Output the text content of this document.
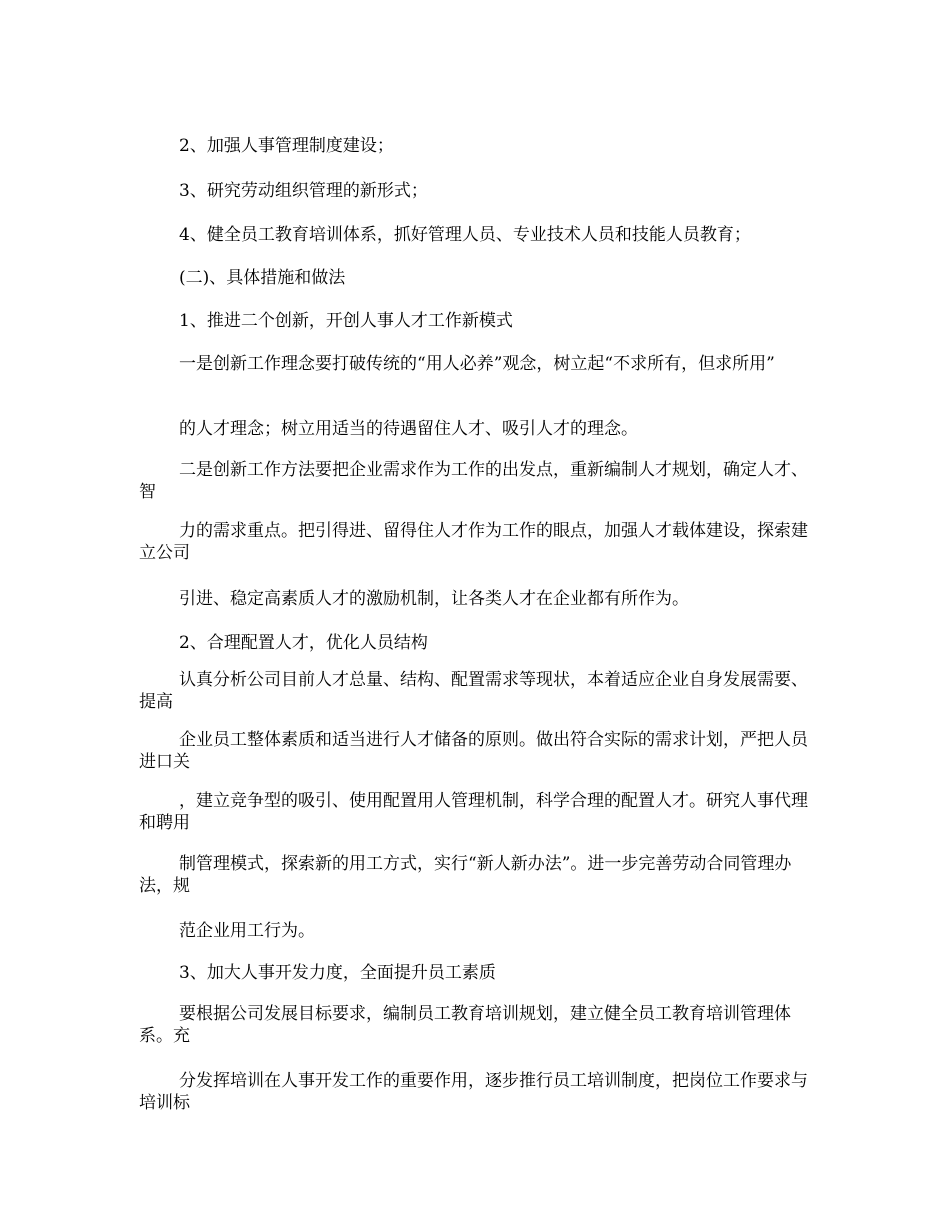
2、加强人事管理制度建设；

3、研究劳动组织管理的新形式；

4、健全员工教育培训体系，抓好管理人员、专业技术人员和技能人员教育；

(二)、具体措施和做法

1、推进二个创新，开创人事人才工作新模式

一是创新工作理念要打破传统的“用人必养”观念，树立起“不求所有，但求所用”

的人才理念；树立用适当的待遇留住人才、吸引人才的理念。

二是创新工作方法要把企业需求作为工作的出发点，重新编制人才规划，确定人才、智

力的需求重点。把引得进、留得住人才作为工作的眼点，加强人才载体建设，探索建立公司

引进、稳定高素质人才的激励机制，让各类人才在企业都有所作为。

2、合理配置人才，优化人员结构

认真分析公司目前人才总量、结构、配置需求等现状，本着适应企业自身发展需要、提高

企业员工整体素质和适当进行人才储备的原则。做出符合实际的需求计划，严把人员进口关

，建立竞争型的吸引、使用配置用人管理机制，科学合理的配置人才。研究人事代理和聘用

制管理模式，探索新的用工方式，实行“新人新办法”。进一步完善劳动合同管理办法，规

范企业用工行为。

3、加大人事开发力度，全面提升员工素质

要根据公司发展目标要求，编制员工教育培训规划，建立健全员工教育培训管理体系。充

分发挥培训在人事开发工作的重要作用，逐步推行员工培训制度，把岗位工作要求与培训标
